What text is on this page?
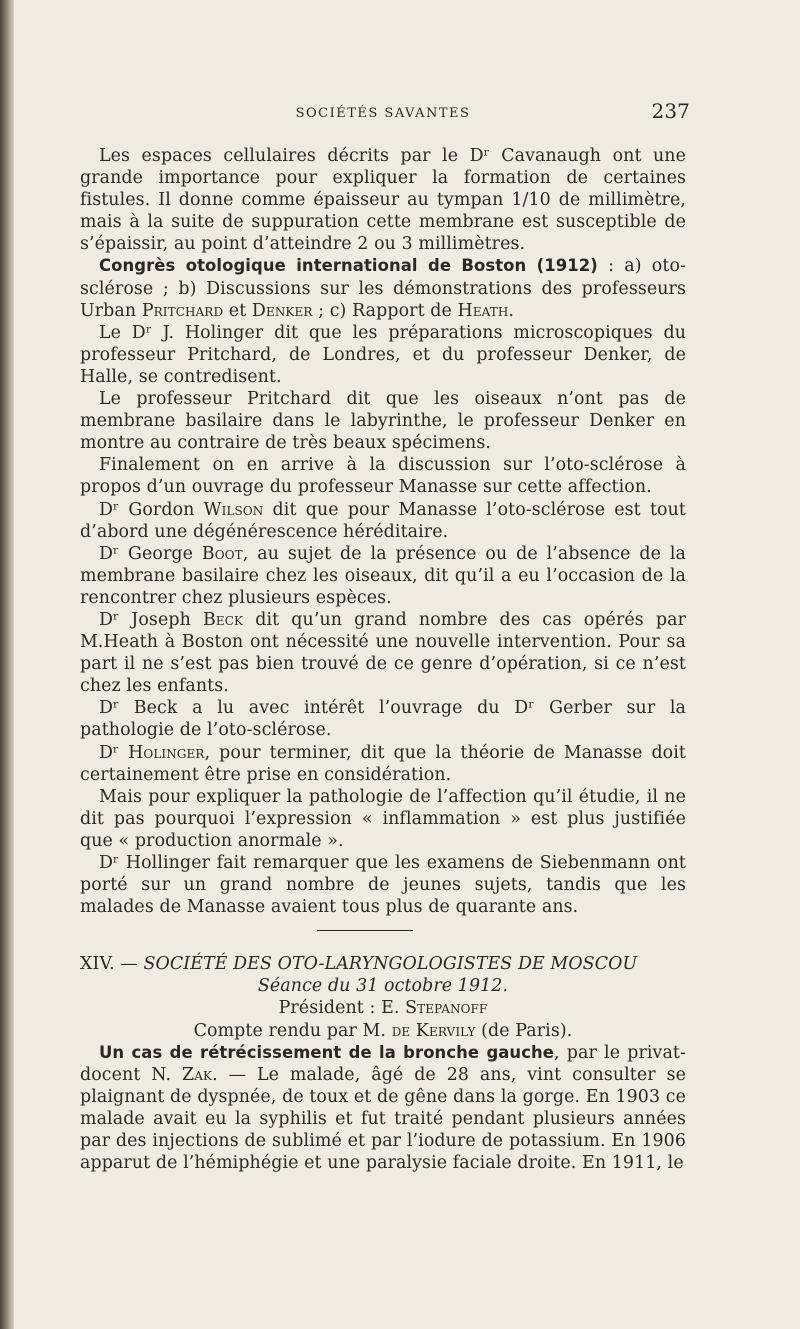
SOCIÉTÉS SAVANTES	237

Les espaces cellulaires décrits par le Dʳ Cavanaugh ont une grande importance pour expliquer la formation de certaines fistules. Il donne comme épaisseur au tympan 1/10 de millimètre, mais à la suite de suppuration cette membrane est susceptible de s’épaissir, au point d’atteindre 2 ou 3 millimètres.

Congrès otologique international de Boston (1912) : a) oto-sclérose ; b) Discussions sur les démonstrations des professeurs Urban Pritchard et Denker ; c) Rapport de Heath.

Le Dʳ J. Holinger dit que les préparations microscopiques du professeur Pritchard, de Londres, et du professeur Denker, de Halle, se contredisent.

Le professeur Pritchard dit que les oiseaux n’ont pas de membrane basilaire dans le labyrinthe, le professeur Denker en montre au contraire de très beaux spécimens.

Finalement on en arrive à la discussion sur l’oto-sclérose à propos d’un ouvrage du professeur Manasse sur cette affection.

Dʳ Gordon Wilson dit que pour Manasse l’oto-sclérose est tout d’abord une dégénérescence héréditaire.

Dʳ George Boot, au sujet de la présence ou de l’absence de la membrane basilaire chez les oiseaux, dit qu’il a eu l’occasion de la rencontrer chez plusieurs espèces.

Dʳ Joseph Beck dit qu’un grand nombre des cas opérés par M.Heath à Boston ont nécessité une nouvelle intervention. Pour sa part il ne s’est pas bien trouvé de ce genre d’opération, si ce n’est chez les enfants.

Dʳ Beck a lu avec intérêt l’ouvrage du Dʳ Gerber sur la pathologie de l’oto-sclérose.

Dʳ Holinger, pour terminer, dit que la théorie de Manasse doit certainement être prise en considération.

Mais pour expliquer la pathologie de l’affection qu’il étudie, il ne dit pas pourquoi l’expression « inflammation » est plus justifiée que « production anormale ».

Dʳ Hollinger fait remarquer que les examens de Siebenmann ont porté sur un grand nombre de jeunes sujets, tandis que les malades de Manasse avaient tous plus de quarante ans.

XIV. — SOCIÉTÉ DES OTO-LARYNGOLOGISTES DE MOSCOU

Séance du 31 octobre 1912.

Président : E. Stepanoff

Compte rendu par M. de Kervily (de Paris).

Un cas de rétrécissement de la bronche gauche, par le privat-docent N. Zak. — Le malade, âgé de 28 ans, vint consulter se plaignant de dyspnée, de toux et de gêne dans la gorge. En 1903 ce malade avait eu la syphilis et fut traité pendant plusieurs années par des injections de sublimé et par l’iodure de potassium. En 1906 apparut de l’hémiphégie et une paralysie faciale droite. En 1911, le
